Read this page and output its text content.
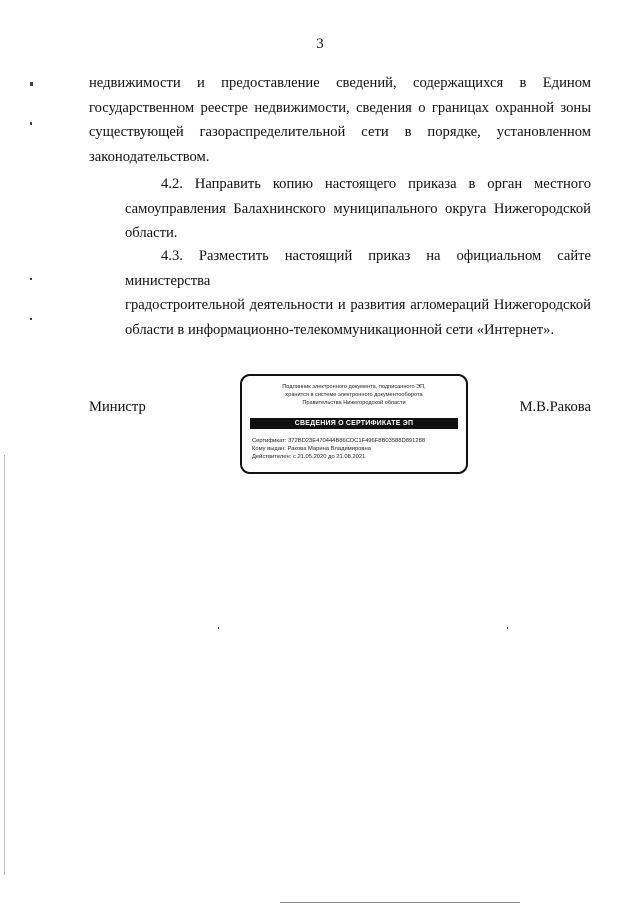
3
недвижимости и предоставление сведений, содержащихся в Едином
государственном реестре недвижимости, сведения о границах охранной зоны
существующей газораспределительной сети в порядке, установленном
законодательством.
4.2. Направить копию настоящего приказа в орган местного
самоуправления Балахнинского муниципального округа Нижегородской
области.
4.3. Разместить настоящий приказ на официальном сайте министерства
градостроительной деятельности и развития агломераций Нижегородской
области в информационно-телекоммуникационной сети «Интернет».
Министр	М.В.Ракова
Подлинник электронного документа, подписанного ЭП,
хранится в системе электронного документооборота
Правительства Нижегородской области
СВЕДЕНИЯ О СЕРТИФИКАТЕ ЭП
Сертификат: 372BD23E470444B86CDC1F496F8B03588D891288
Кому выдан: Ракова Марина Владимировна
Действителен: с 21.05.2020 до 21.08.2021
